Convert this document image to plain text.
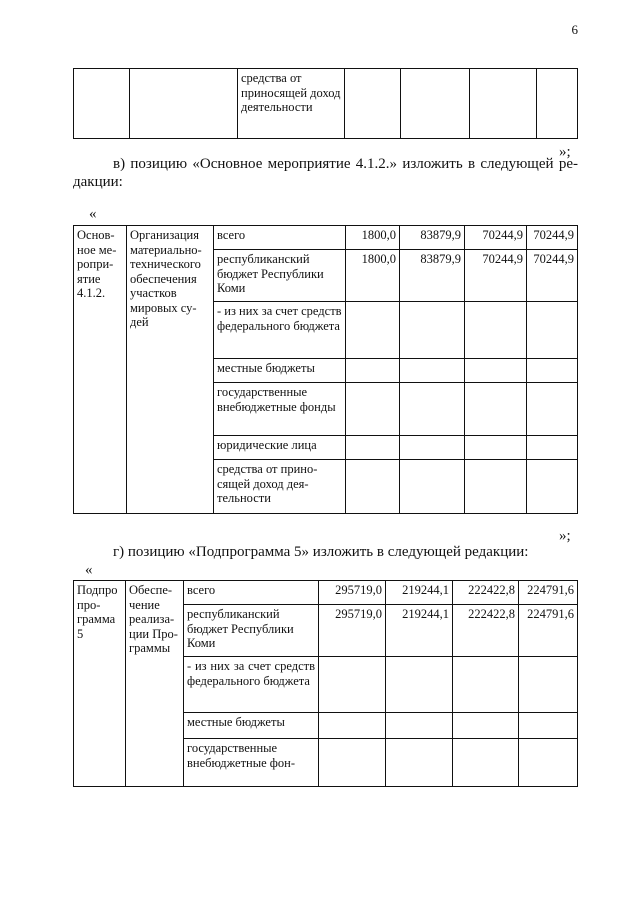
6
		средства от приносящей доход деятельности				
»;
в) позицию «Основное мероприятие 4.1.2.» изложить в следующей редакции:
«
Основное мероприятие 4.1.2.	Организация материально-технического обеспечения участков мировых судей	всего	1800,0	83879,9	70244,9	70244,9
		республиканский бюджет Республики Коми	1800,0	83879,9	70244,9	70244,9
		- из них за счет средств федерального бюджета				
		местные бюджеты				
		государственные внебюджетные фонды				
		юридические лица				
		средства от приносящей доход деятельности				
»;
г) позицию «Подпрограмма 5» изложить в следующей редакции:
«
Подпро программа 5	Обеспечение реализации Программы	всего	295719,0	219244,1	222422,8	224791,6
		республиканский бюджет Республики Коми	295719,0	219244,1	222422,8	224791,6
		- из них за счет средств федерального бюджета				
		местные бюджеты				
		государственные внебюджетные фон-				
